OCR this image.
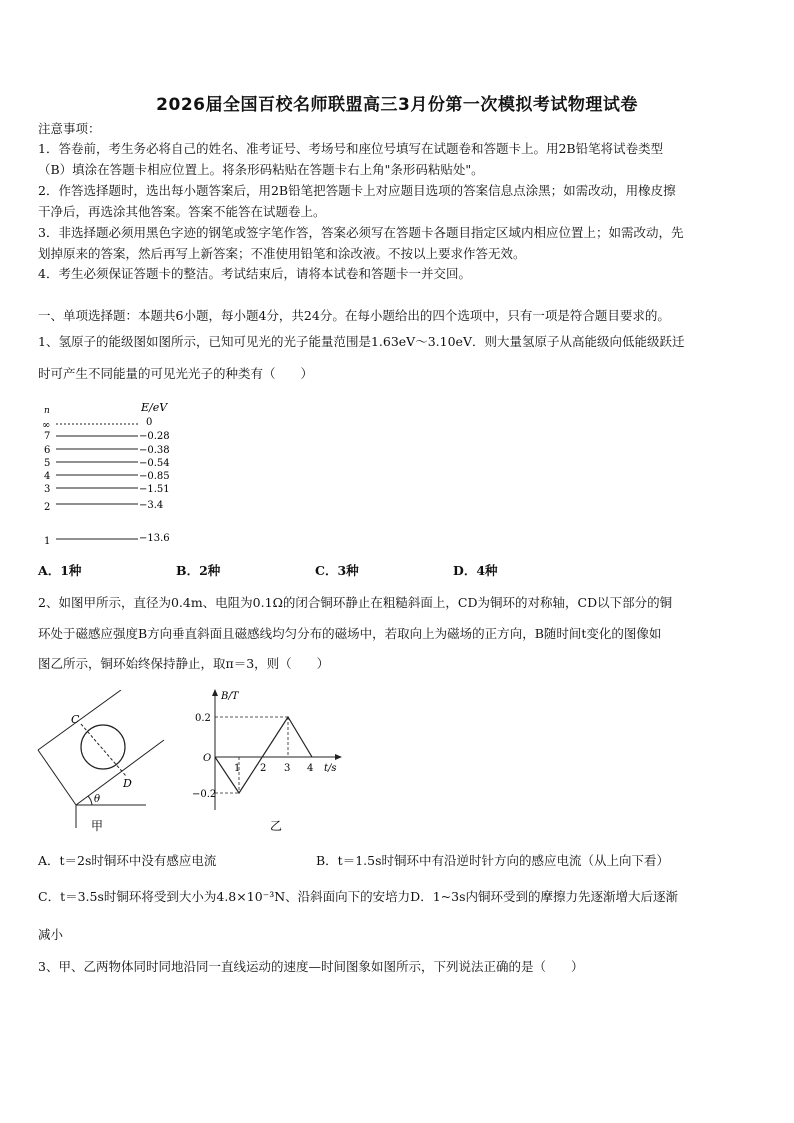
2026届全国百校名师联盟高三3月份第一次模拟考试物理试卷
注意事项：
1．答卷前，考生务必将自己的姓名、准考证号、考场号和座位号填写在试题卷和答题卡上。用2B铅笔将试卷类型
（B）填涂在答题卡相应位置上。将条形码粘贴在答题卡右上角"条形码粘贴处"。
2．作答选择题时，选出每小题答案后，用2B铅笔把答题卡上对应题目选项的答案信息点涂黑；如需改动，用橡皮擦
干净后，再选涂其他答案。答案不能答在试题卷上。
3．非选择题必须用黑色字迹的钢笔或签字笔作答，答案必须写在答题卡各题目指定区域内相应位置上；如需改动，先
划掉原来的答案，然后再写上新答案；不准使用铅笔和涂改液。不按以上要求作答无效。
4．考生必须保证答题卡的整洁。考试结束后，请将本试卷和答题卡一并交回。
一、单项选择题：本题共6小题，每小题4分，共24分。在每小题给出的四个选项中，只有一项是符合题目要求的。
1、氢原子的能级图如图所示，已知可见光的光子能量范围是1.63eV～3.10eV．则大量氢原子从高能级向低能级跃迁
时可产生不同能量的可见光光子的种类有（　　）
n	E/eV
∞	0
7	−0.28
6	−0.38
5	−0.54
4	−0.85
3	−1.51
2	−3.4
1	−13.6
A．1种	B．2种	C．3种	D．4种
2、如图甲所示，直径为0.4m、电阻为0.1Ω的闭合铜环静止在粗糙斜面上，CD为铜环的对称轴，CD以下部分的铜
环处于磁感应强度B方向垂直斜面且磁感线均匀分布的磁场中，若取向上为磁场的正方向，B随时间t变化的图像如
图乙所示，铜环始终保持静止，取π＝3，则（　　）
C
D
θ
甲
B/T
t/s
O
0.2
−0.2
1 2 3 4
乙
A．t＝2s时铜环中没有感应电流	B．t＝1.5s时铜环中有沿逆时针方向的感应电流（从上向下看）
C．t＝3.5s时铜环将受到大小为4.8×10⁻³N、沿斜面向下的安培力D．1~3s内铜环受到的摩擦力先逐渐增大后逐渐
减小
3、甲、乙两物体同时同地沿同一直线运动的速度—时间图象如图所示，下列说法正确的是（　　）
